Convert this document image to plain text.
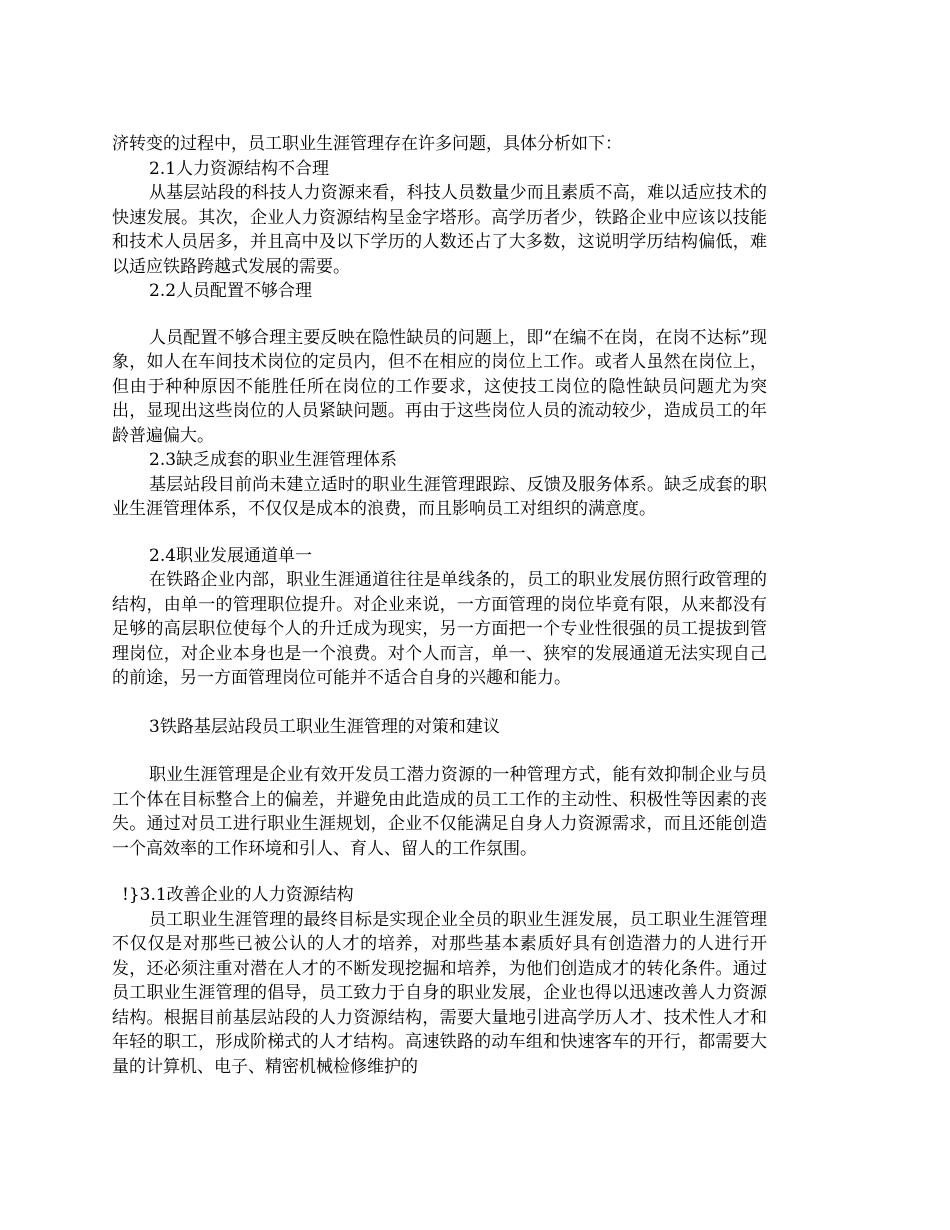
济转变的过程中，员工职业生涯管理存在许多问题，具体分析如下：

2.1人力资源结构不合理

从基层站段的科技人力资源来看，科技人员数量少而且素质不高，难以适应技术的快速发展。其次，企业人力资源结构呈金字塔形。高学历者少，铁路企业中应该以技能和技术人员居多，并且高中及以下学历的人数还占了大多数，这说明学历结构偏低，难以适应铁路跨越式发展的需要。

2.2人员配置不够合理

人员配置不够合理主要反映在隐性缺员的问题上，即“在编不在岗，在岗不达标”现象，如人在车间技术岗位的定员内，但不在相应的岗位上工作。或者人虽然在岗位上，但由于种种原因不能胜任所在岗位的工作要求，这使技工岗位的隐性缺员问题尤为突出，显现出这些岗位的人员紧缺问题。再由于这些岗位人员的流动较少，造成员工的年龄普遍偏大。

2.3缺乏成套的职业生涯管理体系

基层站段目前尚未建立适时的职业生涯管理跟踪、反馈及服务体系。缺乏成套的职业生涯管理体系，不仅仅是成本的浪费，而且影响员工对组织的满意度。

2.4职业发展通道单一

在铁路企业内部，职业生涯通道往往是单线条的，员工的职业发展仿照行政管理的结构，由单一的管理职位提升。对企业来说，一方面管理的岗位毕竟有限，从来都没有足够的高层职位使每个人的升迁成为现实，另一方面把一个专业性很强的员工提拔到管理岗位，对企业本身也是一个浪费。对个人而言，单一、狭窄的发展通道无法实现自己的前途，另一方面管理岗位可能并不适合自身的兴趣和能力。

3铁路基层站段员工职业生涯管理的对策和建议

职业生涯管理是企业有效开发员工潜力资源的一种管理方式，能有效抑制企业与员工个体在目标整合上的偏差，并避免由此造成的员工工作的主动性、积极性等因素的丧失。通过对员工进行职业生涯规划，企业不仅能满足自身人力资源需求，而且还能创造一个高效率的工作环境和引人、育人、留人的工作氛围。

!}3.1改善企业的人力资源结构

员工职业生涯管理的最终目标是实现企业全员的职业生涯发展，员工职业生涯管理不仅仅是对那些已被公认的人才的培养，对那些基本素质好具有创造潜力的人进行开发，还必须注重对潜在人才的不断发现挖掘和培养，为他们创造成才的转化条件。通过员工职业生涯管理的倡导，员工致力于自身的职业发展，企业也得以迅速改善人力资源结构。根据目前基层站段的人力资源结构，需要大量地引进高学历人才、技术性人才和年轻的职工，形成阶梯式的人才结构。高速铁路的动车组和快速客车的开行，都需要大量的计算机、电子、精密机械检修维护的
